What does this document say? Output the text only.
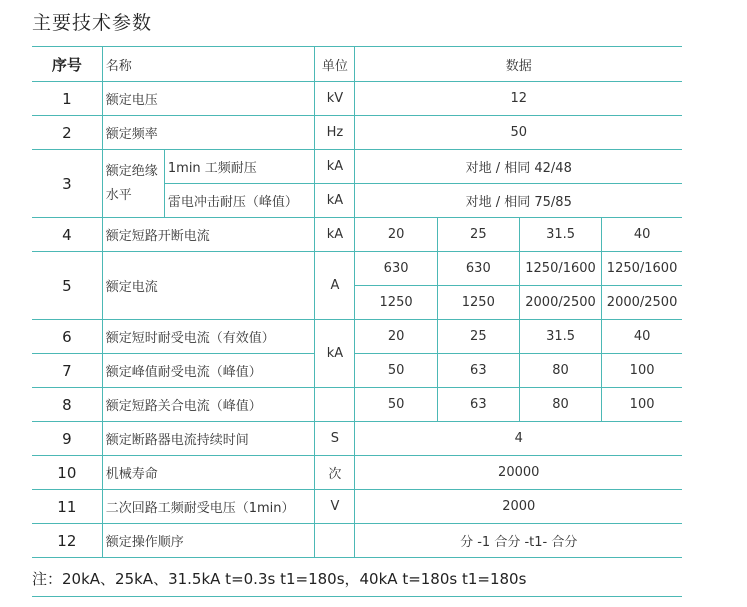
主要技术参数
序号	名称		单位	数据			
1	额定电压		kV	12			
2	额定频率		Hz	50			
3	额定绝缘水平	1min 工频耐压	kA	对地 / 相同 42/48			
		雷电冲击耐压（峰值）	kA	对地 / 相同 75/85			
4	额定短路开断电流		kA	20	25	31.5	40
5	额定电流		A	630	630	1250/1600	1250/1600
				1250	1250	2000/2500	2000/2500
6	额定短时耐受电流（有效值）		kA	20	25	31.5	40
7	额定峰值耐受电流（峰值）			50	63	80	100
8	额定短路关合电流（峰值）			50	63	80	100
9	额定断路器电流持续时间		S	4			
10	机械寿命		次	20000			
11	二次回路工频耐受电压（1min）		V	2000			
12	额定操作顺序			分 -1 合分 -t1- 合分			
注：20kA、25kA、31.5kA t=0.3s t1=180s，40kA t=180s t1=180s
